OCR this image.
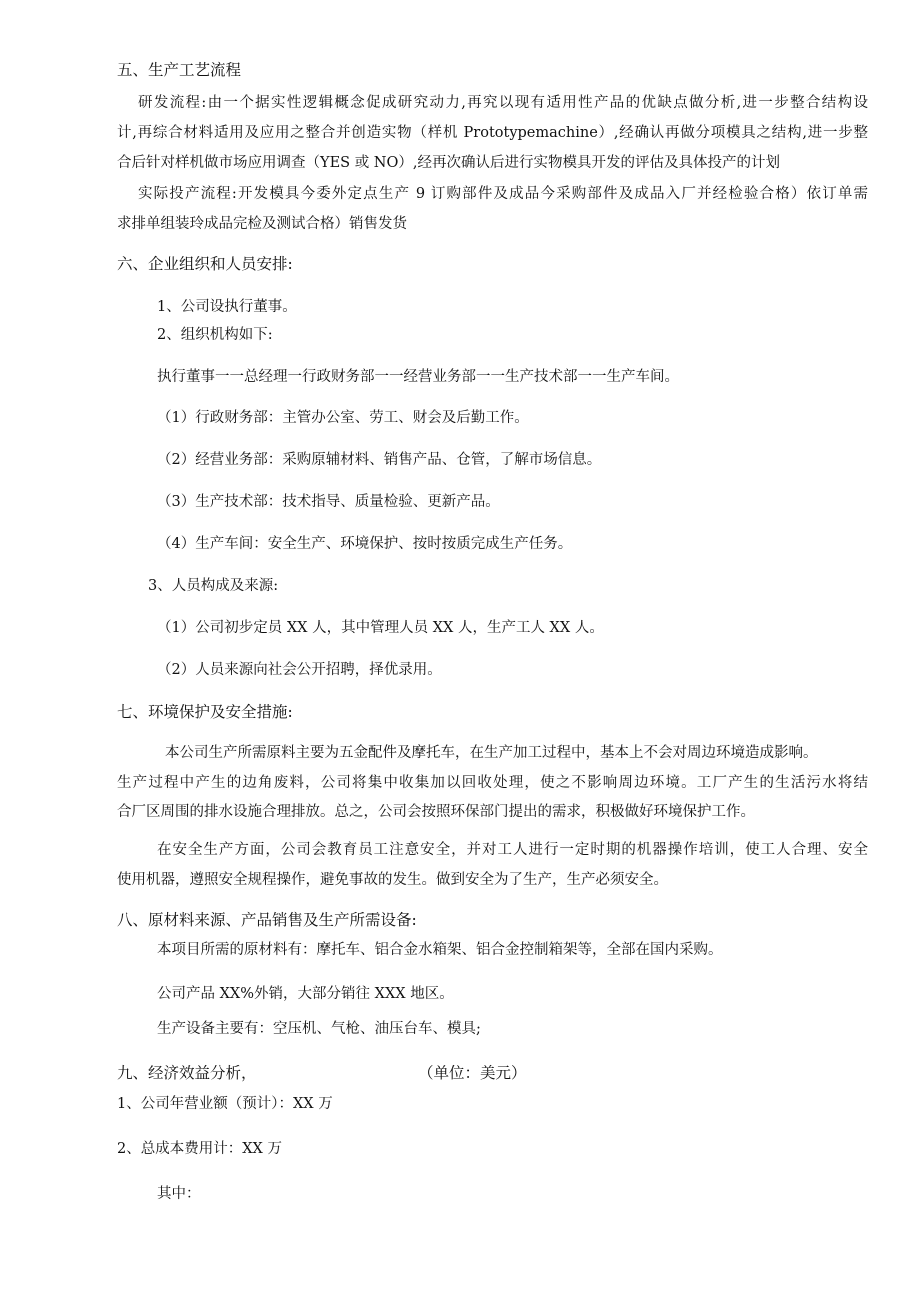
五、生产工艺流程

研发流程:由一个据实性逻辑概念促成研究动力,再究以现有适用性产品的优缺点做分析,进一步整合结构设

计,再综合材料适用及应用之整合并创造实物（样机 Prototypemachine）,经确认再做分项模具之结构,进一步整

合后针对样机做市场应用调查（YES 或 NO）,经再次确认后进行实物模具开发的评估及具体投产的计划

实际投产流程:开发模具今委外定点生产 9 订购部件及成品今采购部件及成品入厂并经检验合格）依订单需

求排单组装玲成品完检及测试合格）销售发货

六、企业组织和人员安排:

1、公司设执行董事。

2、组织机构如下:

执行董事一一总经理一行政财务部一一经营业务部一一生产技术部一一生产车间。

（1）行政财务部：主管办公室、劳工、财会及后勤工作。

（2）经营业务部：采购原辅材料、销售产品、仓管，了解市场信息。

（3）生产技术部：技术指导、质量检验、更新产品。

（4）生产车间：安全生产、环境保护、按时按质完成生产任务。

3、人员构成及来源:

（1）公司初步定员 XX 人，其中管理人员 XX 人，生产工人 XX 人。

（2）人员来源向社会公开招聘，择优录用。

七、环境保护及安全措施:

本公司生产所需原料主要为五金配件及摩托车，在生产加工过程中，基本上不会对周边环境造成影响。

生产过程中产生的边角废料，公司将集中收集加以回收处理，使之不影响周边环境。工厂产生的生活污水将结

合厂区周围的排水设施合理排放。总之，公司会按照环保部门提出的需求，积极做好环境保护工作。

在安全生产方面，公司会教育员工注意安全，并对工人进行一定时期的机器操作培训，使工人合理、安全

使用机器，遵照安全规程操作，避免事故的发生。做到安全为了生产，生产必须安全。

八、原材料来源、产品销售及生产所需设备:

本项目所需的原材料有：摩托车、铝合金水箱架、铝合金控制箱架等，全部在国内采购。

公司产品 XX%外销，大部分销往 XXX 地区。

生产设备主要有：空压机、气枪、油压台车、模具;

九、经济效益分析，	（单位：美元）

1、公司年营业额（预计）：XX 万

2、总成本费用计：XX 万

其中：
